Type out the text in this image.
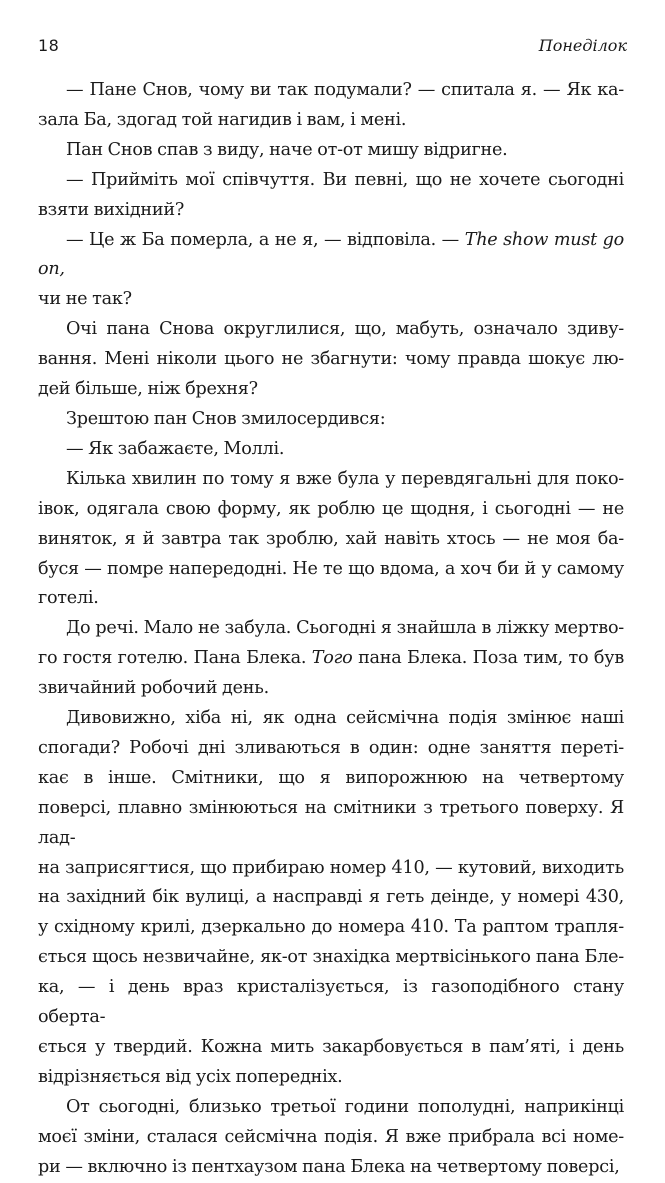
18	Понеділок

— Пане Снов, чому ви так подумали? — спитала я. — Як ка-
зала Ба, здогад той нагидив і вам, і мені.

Пан Снов спав з виду, наче от-от мишу відригне.

— Прийміть мої співчуття. Ви певні, що не хочете сьогодні
взяти вихідний?

— Це ж Ба померла, а не я, — відповіла. — The show must go on,
чи не так?

Очі пана Снова округлилися, що, мабуть, означало здиву-
вання. Мені ніколи цього не збагнути: чому правда шокує лю-
дей більше, ніж брехня?

Зрештою пан Снов змилосердився:

— Як забажаєте, Моллі.

Кілька хвилин по тому я вже була у перевдягальні для поко-
івок, одягала свою форму, як роблю це щодня, і сьогодні — не
виняток, я й завтра так зроблю, хай навіть хтось — не моя ба-
буся — помре напередодні. Не те що вдома, а хоч би й у самому
готелі.

До речі. Мало не забула. Сьогодні я знайшла в ліжку мертво-
го гостя готелю. Пана Блека. Того пана Блека. Поза тим, то був
звичайний робочий день.

Дивовижно, хіба ні, як одна сейсмічна подія змінює наші
спогади? Робочі дні зливаються в один: одне заняття перетi-
кає в інше. Смітники, що я випорожнюю на четвертому
поверсі, плавно змінюються на смітники з третього поверху. Я лад-
на заприсягтися, що прибираю номер 410, — кутовий, виходить
на західний бік вулиці, а насправді я геть деінде, у номері 430,
у східному крилі, дзеркально до номера 410. Та раптом трапля-
ється щось незвичайне, як-от знахідка мертвісінького пана Бле-
ка, — і день враз кристалізується, із газоподібного стану оберта-
ється у твердий. Кожна мить закарбовується в пам’яті, і день
відрізняється від усіх попередніх.

От сьогодні, близько третьої години пополудні, наприкінці
моєї зміни, сталася сейсмічна подія. Я вже прибрала всі номе-
ри — включно із пентхаузом пана Блека на четвертому поверсі,
